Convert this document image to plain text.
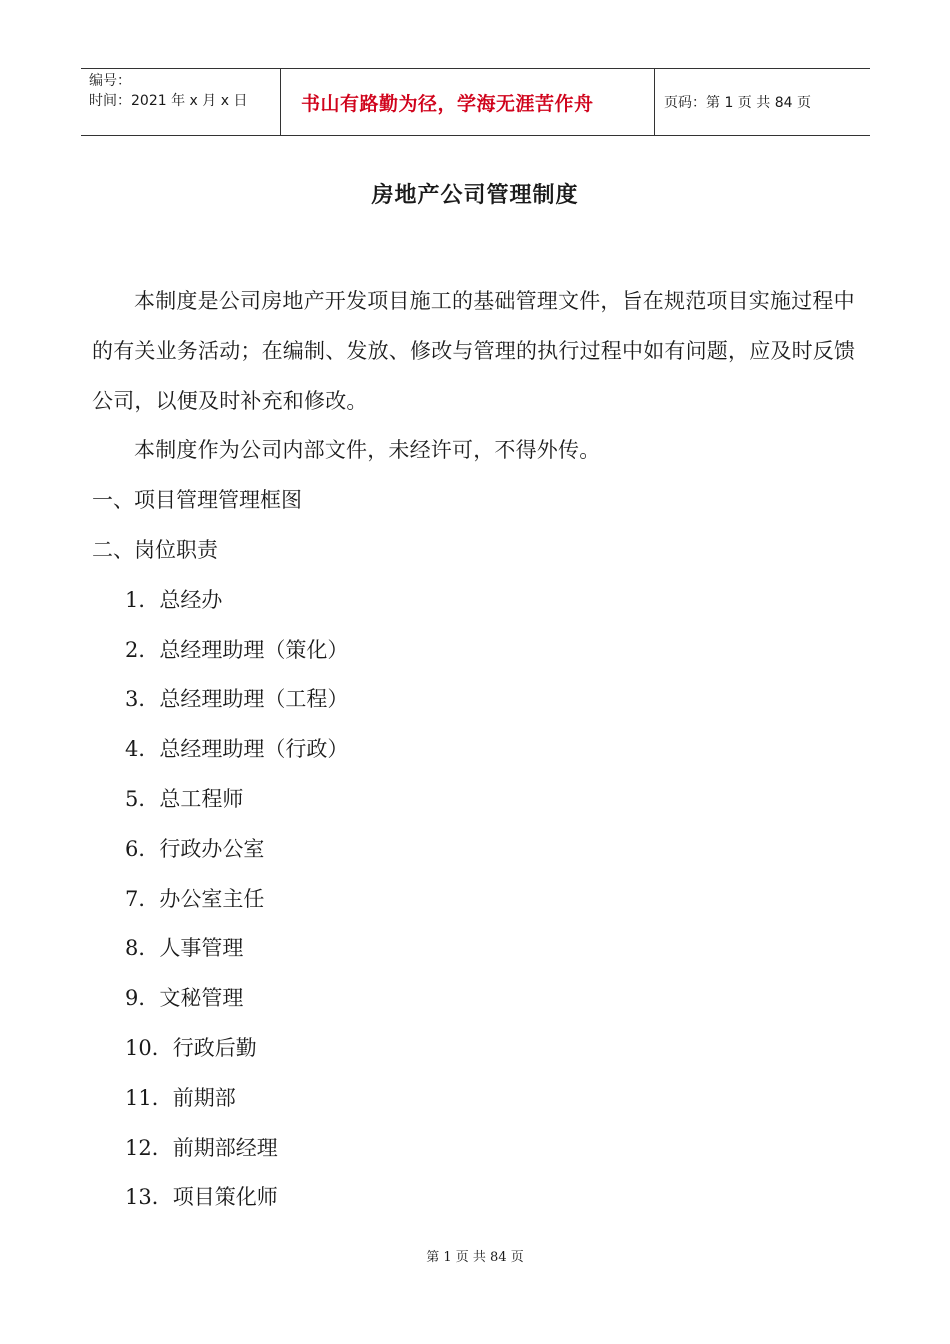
编号：
时间：2021 年 x 月 x 日	书山有路勤为径，学海无涯苦作舟	页码：第 1 页 共 84 页
房地产公司管理制度

本制度是公司房地产开发项目施工的基础管理文件，旨在规范项目实施过程中的有关业务活动；在编制、发放、修改与管理的执行过程中如有问题，应及时反馈公司，以便及时补充和修改。

本制度作为公司内部文件，未经许可，不得外传。

一、项目管理管理框图
二、岗位职责
1．总经办
2．总经理助理（策化）
3．总经理助理（工程）
4．总经理助理（行政）
5．总工程师
6．行政办公室
7．办公室主任
8．人事管理
9．文秘管理
10．行政后勤
11．前期部
12．前期部经理
13．项目策化师
第 1 页 共 84 页
